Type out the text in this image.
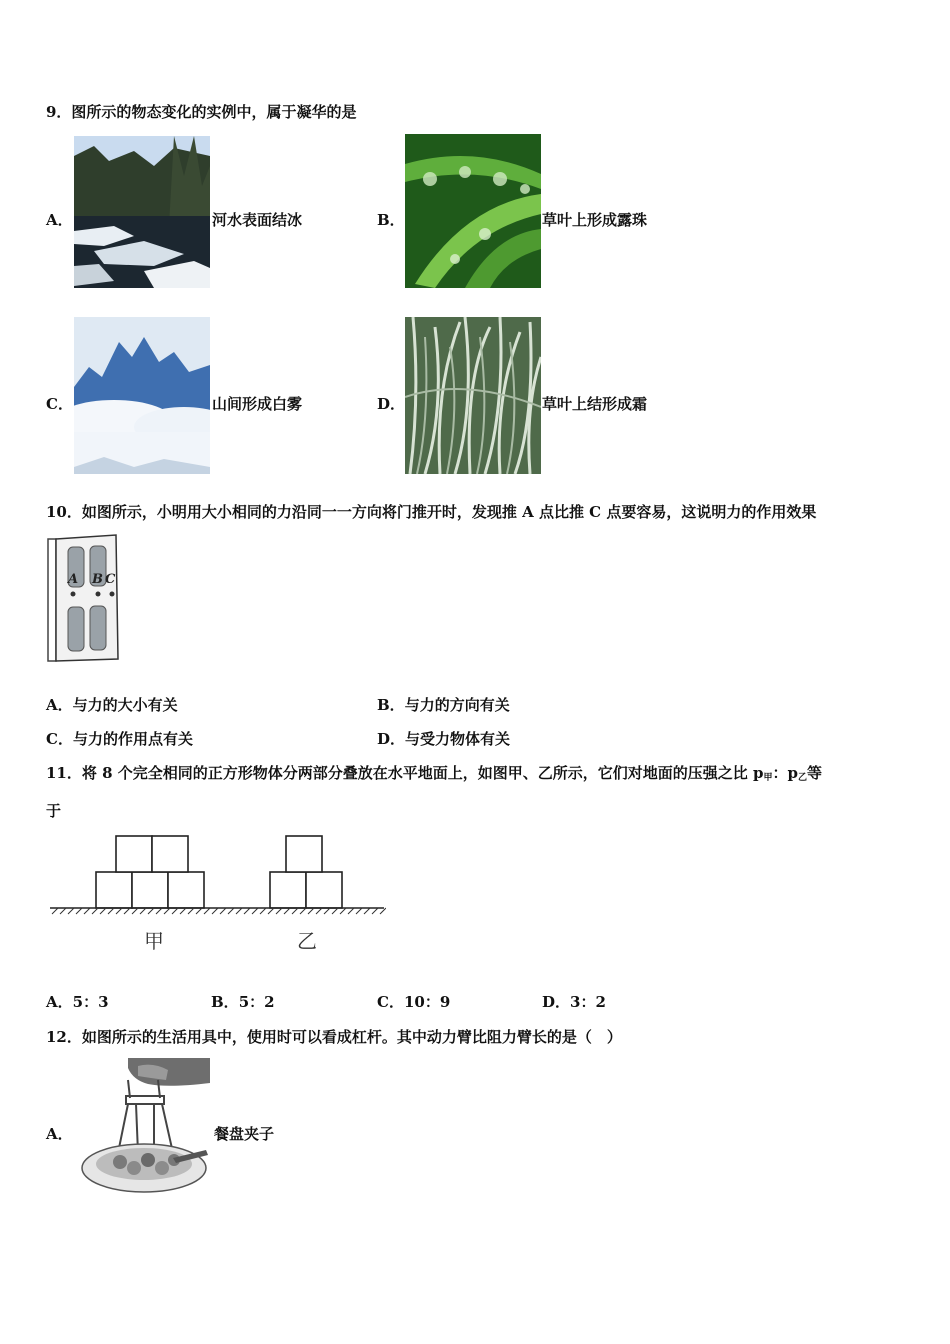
9．图所示的物态变化的实例中，属于凝华的是
A．	河水表面结冰	B．	草叶上形成露珠
C．	山间形成白雾	D．	草叶上结形成霜
10．如图所示，小明用大小相同的力沿同一一方向将门推开时，发现推 A 点比推 C 点要容易，这说明力的作用效果
A B C
A．与力的大小有关	B．与力的方向有关
C．与力的作用点有关	D．与受力物体有关
11．将 8 个完全相同的正方形物体分两部分叠放在水平地面上，如图甲、乙所示，它们对地面的压强之比 $p_甲$：$p_乙$等
于
甲	乙
A．5：3	B．5：2	C．10：9	D．3：2
12．如图所示的生活用具中，使用时可以看成杠杆。其中动力臂比阻力臂长的是（　）
A．	餐盘夹子
